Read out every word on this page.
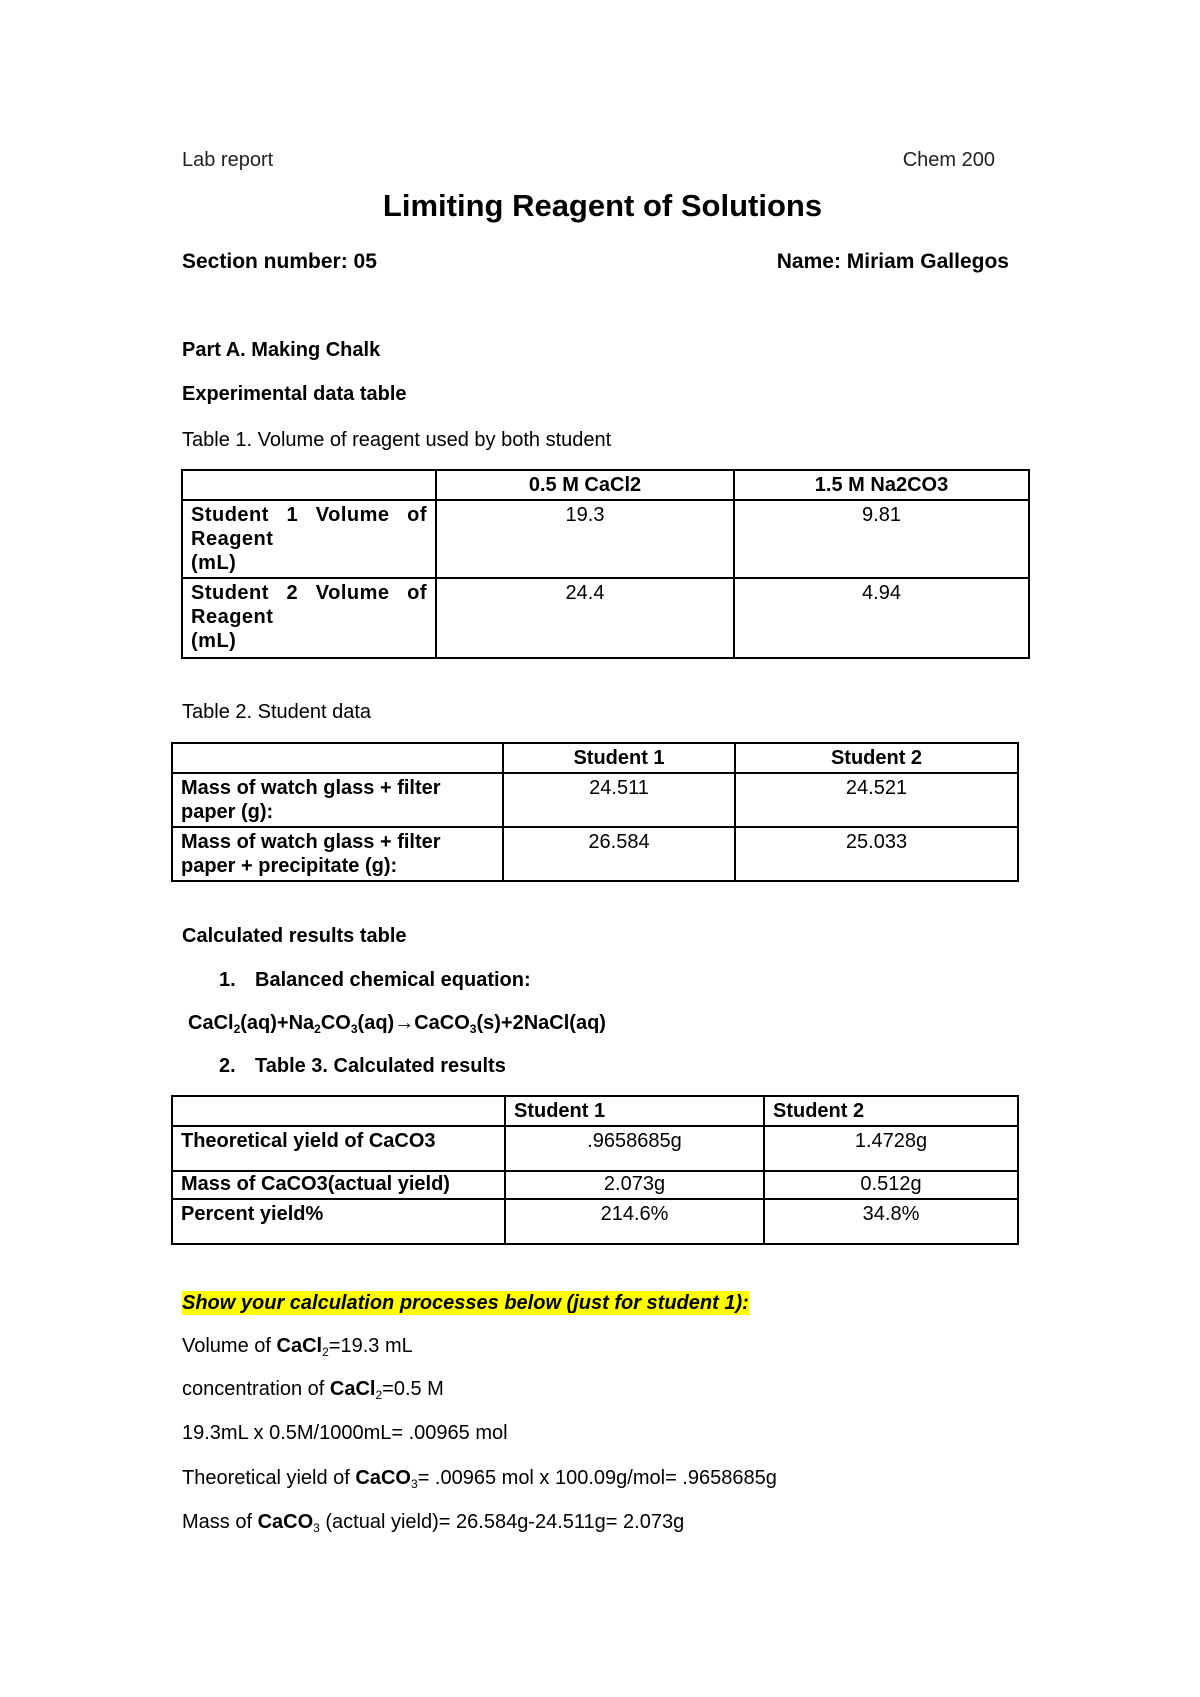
Lab report	Chem 200
Limiting Reagent of Solutions
Section number: 05	Name: Miriam Gallegos
Part A. Making Chalk
Experimental data table
Table 1. Volume of reagent used by both student
	0.5 M CaCl2	1.5 M Na2CO3

Student 1 Volume of
Reagent
(mL)	19.3	9.81

Student 2 Volume of
Reagent
(mL)	24.4	4.94
Table 2. Student data
	Student 1	Student 2
Mass of watch glass + filter paper (g):	24.511	24.521
Mass of watch glass + filter paper + precipitate (g):	26.584	25.033
Calculated results table
1. Balanced chemical equation:
$CaCl_2(aq)+Na_2CO_3(aq)\to CaCO_3(s)+2NaCl(aq)$
2. Table 3. Calculated results
	Student 1	Student 2
Theoretical yield of CaCO3	.9658685g	1.4728g
Mass of CaCO3(actual yield)	2.073g	0.512g
Percent yield%	214.6%	34.8%
Show your calculation processes below (just for student 1):
Volume of CaCl$_2$=19.3 mL
concentration of CaCl$_2$=0.5 M
19.3mL x 0.5M/1000mL= .00965 mol
Theoretical yield of CaCO$_3$= .00965 mol x 100.09g/mol= .9658685g
Mass of CaCO$_3$ (actual yield)= 26.584g-24.511g= 2.073g
